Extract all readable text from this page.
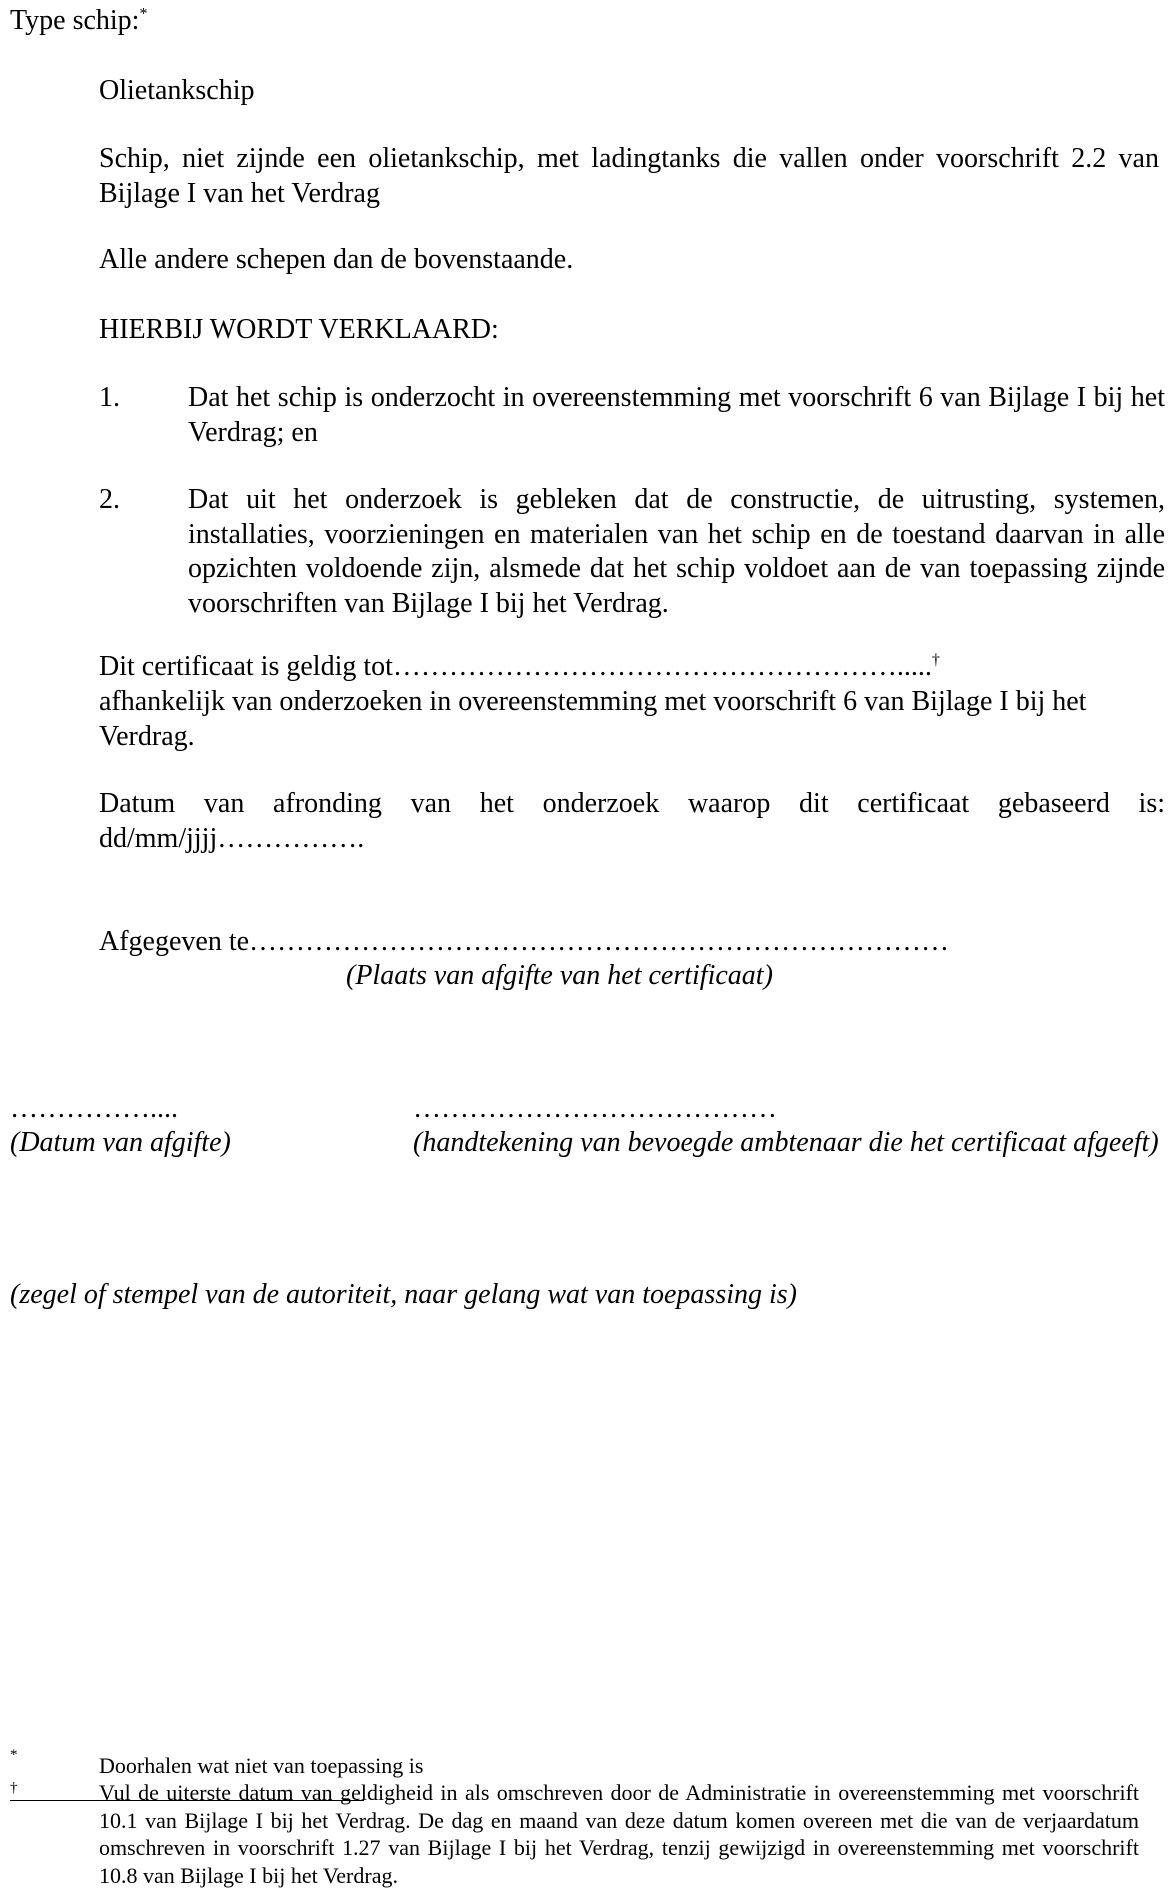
Type schip:*
Olietankschip
Schip, niet zijnde een olietankschip, met ladingtanks die vallen onder voorschrift 2.2 van Bijlage I van het Verdrag
Alle andere schepen dan de bovenstaande.
HIERBIJ WORDT VERKLAARD:
1. Dat het schip is onderzocht in overeenstemming met voorschrift 6 van Bijlage I bij het Verdrag; en
2. Dat uit het onderzoek is gebleken dat de constructie, de uitrusting, systemen, installaties, voorzieningen en materialen van het schip en de toestand daarvan in alle opzichten voldoende zijn, alsmede dat het schip voldoet aan de van toepassing zijnde voorschriften van Bijlage I bij het Verdrag.
Dit certificaat is geldig tot……………………………………………….....†
afhankelijk van onderzoeken in overeenstemming met voorschrift 6 van Bijlage I bij het
Verdrag.
Datum van afronding van het onderzoek waarop dit certificaat gebaseerd is:
dd/mm/jjjj…………….
Afgegeven te…………………………………………………………………
(Plaats van afgifte van het certificaat)
……………....
(Datum van afgifte)
…………………………………
(handtekening van bevoegde ambtenaar die het certificaat afgeeft)
(zegel of stempel van de autoriteit, naar gelang wat van toepassing is)
*	Doorhalen wat niet van toepassing is
†	Vul de uiterste datum van geldigheid in als omschreven door de Administratie in overeenstemming met voorschrift 10.1 van Bijlage I bij het Verdrag. De dag en maand van deze datum komen overeen met die van de verjaardatum omschreven in voorschrift 1.27 van Bijlage I bij het Verdrag, tenzij gewijzigd in overeenstemming met voorschrift 10.8 van Bijlage I bij het Verdrag.
